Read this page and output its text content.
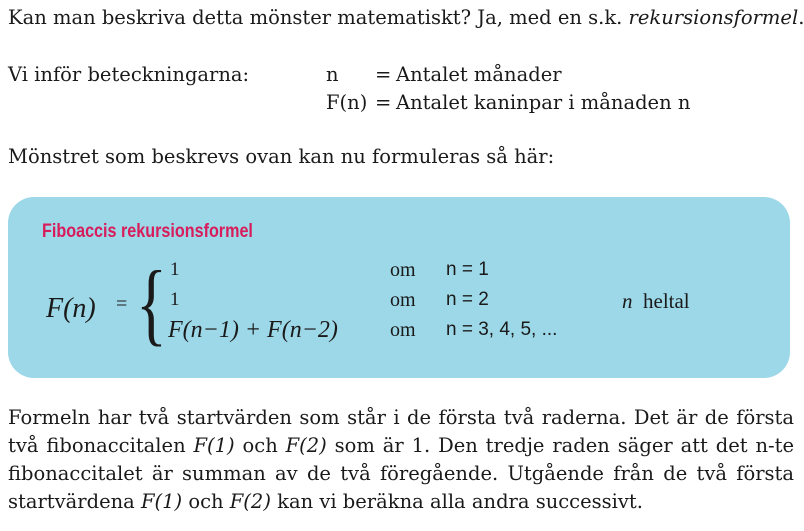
Kan man beskriva detta mönster matematiskt? Ja, med en s.k. rekursionsformel.
Vi inför beteckningarna:	n = Antalet månader
F(n) = Antalet kaninpar i månaden n
Mönstret som beskrevs ovan kan nu formuleras så här:
Fiboaccis rekursionsformel
F(n) = { 1
1
F(n−1) + F(n−2)
om
om
om
n = 1
n = 2
n = 3, 4, 5, ...
n heltal
Formeln har två startvärden som står i de första två raderna. Det är de första två fibonaccitalen F(1) och F(2) som är 1. Den tredje raden säger att det n-te fibonaccitalet är summan av de två föregående. Utgående från de två första startvärdena F(1) och F(2) kan vi beräkna alla andra successivt.
